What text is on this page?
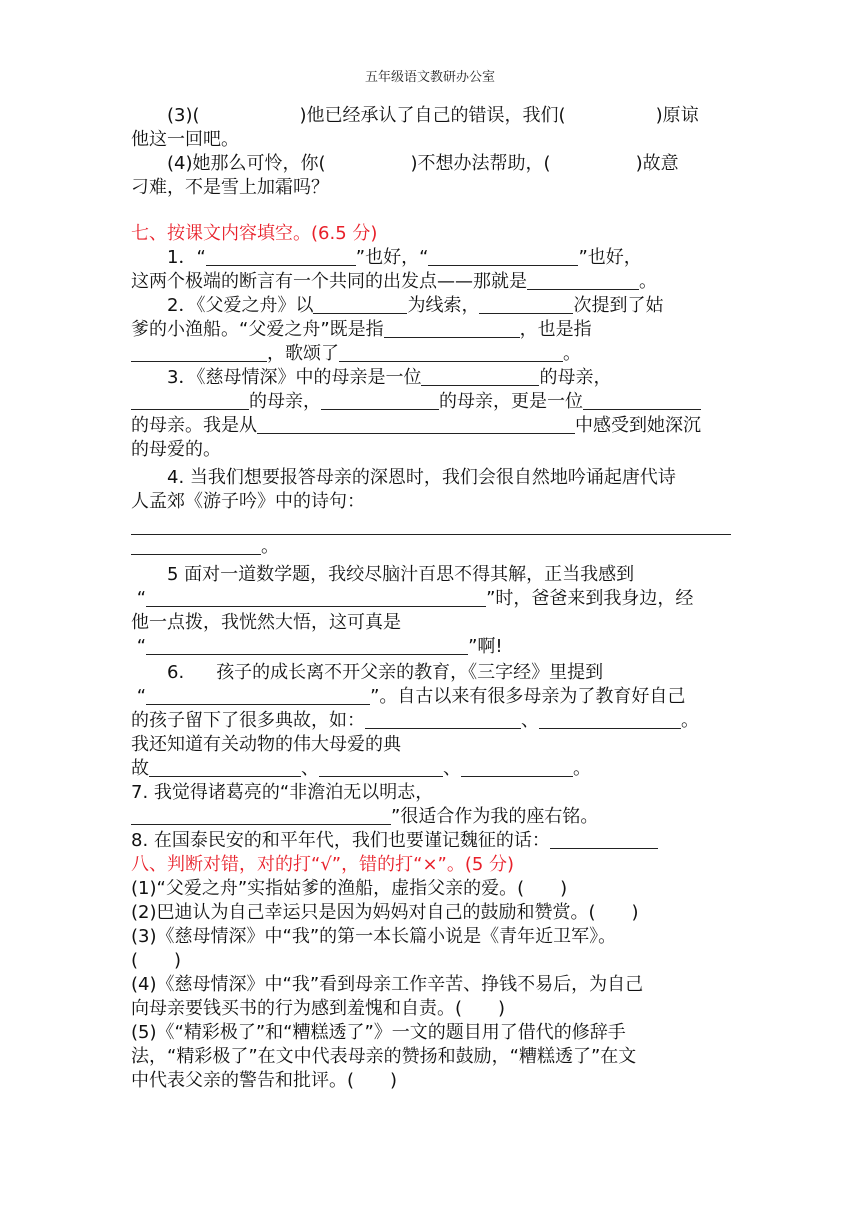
五年级语文教研办公室

(3)(	)他已经承认了自己的错误，我们(	)原谅

他这一回吧。

(4)她那么可怜，你(	)不想办法帮助，(	)故意

刁难，不是雪上加霜吗？

七、按课文内容填空。(6.5 分)

1．“	”也好，“	”也好，

这两个极端的断言有一个共同的出发点——那就是	。

2．《父爱之舟》以	为线索，	次提到了姑

爹的小渔船。“父爱之舟”既是指	，也是指

，歌颂了	。

3．《慈母情深》中的母亲是一位	的母亲，

的母亲，	的母亲，更是一位

的母亲。我是从	中感受到她深沉

的母爱的。

4. 当我们想要报答母亲的深恩时，我们会很自然地吟诵起唐代诗

人孟郊《游子吟》中的诗句：

。

5 面对一道数学题，我绞尽脑汁百思不得其解，正当我感到

“	”时，爸爸来到我身边，经

他一点拨，我恍然大悟，这可真是

“	”啊!

6. 孩子的成长离不开父亲的教育，《三字经》里提到

“	”。自古以来有很多母亲为了教育好自己

的孩子留下了很多典故，如：	、	。

我还知道有关动物的伟大母爱的典

故	、	、	。

7. 我觉得诸葛亮的“非澹泊无以明志，

”很适合作为我的座右铭。

8. 在国泰民安的和平年代，我们也要谨记魏征的话：

八、判断对错，对的打“√”，错的打“×”。(5 分)

(1)“父爱之舟”实指姑爹的渔船，虚指父亲的爱。(　　)

(2)巴迪认为自己幸运只是因为妈妈对自己的鼓励和赞赏。(　　)

(3)《慈母情深》中“我”的第一本长篇小说是《青年近卫军》。

(　　)

(4)《慈母情深》中“我”看到母亲工作辛苦、挣钱不易后，为自己

向母亲要钱买书的行为感到羞愧和自责。(　　)

(5)《“精彩极了”和“糟糕透了”》一文的题目用了借代的修辞手

法，“精彩极了”在文中代表母亲的赞扬和鼓励，“糟糕透了”在文

中代表父亲的警告和批评。(　　)
